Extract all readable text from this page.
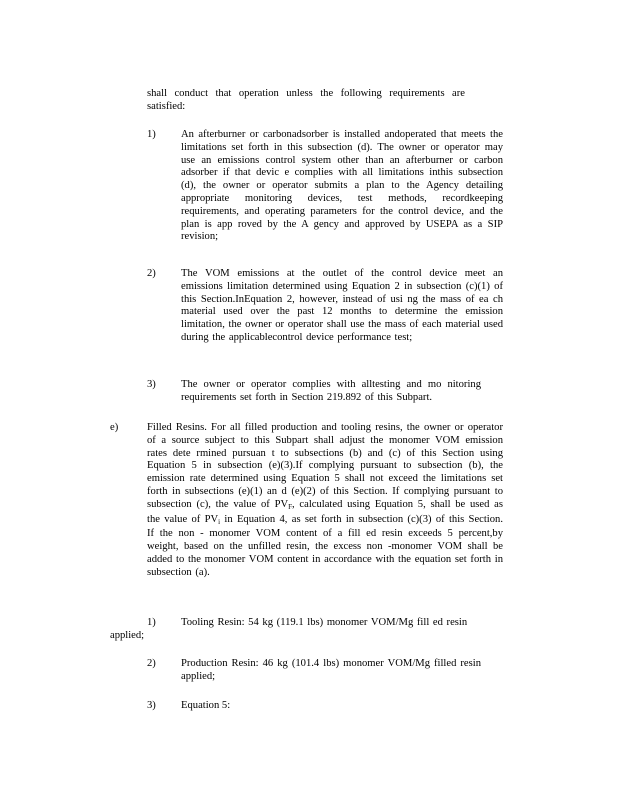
shall conduct that operation unless the following requirements are satisfied:
1) An afterburner or carbonadsorber is installed andoperated that meets the limitations set forth in this subsection (d). The owner or operator may use an emissions control system other than an afterburner or carbon adsorber if that devic e complies with all limitations inthis subsection (d), the owner or operator submits a plan to the Agency detailing appropriate monitoring devices, test methods, recordkeeping requirements, and operating parameters for the control device, and the plan is app roved by the A gency and approved by USEPA as a SIP revision;
2) The VOM emissions at the outlet of the control device meet an emissions limitation determined using Equation 2 in subsection (c)(1) of this Section.InEquation 2, however, instead of usi ng the mass of ea ch material used over the past 12 months to determine the emission limitation, the owner or operator shall use the mass of each material used during the applicablecontrol device performance test;
3) The owner or operator complies with alltesting and mo nitoring requirements set forth in Section 219.892 of this Subpart.
e)	Filled Resins. For all filled production and tooling resins, the owner or operator of a source subject to this Subpart shall adjust the monomer VOM emission rates dete rmined pursuan t to subsections (b) and (c) of this Section using Equation 5 in subsection (e)(3).If complying pursuant to subsection (b), the emission rate determined using Equation 5 shall not exceed the limitations set forth in subsections (e)(1) an d (e)(2) of this Section. If complying pursuant to subsection (c), the value of $PV_F$, calculated using Equation 5, shall be used as the value of $PV_i$ in Equation 4, as set forth in subsection (c)(3) of this Section. If the non - monomer VOM content of a fill ed resin exceeds 5 percent,by weight, based on the unfilled resin, the excess non -monomer VOM shall be added to the monomer VOM content in accordance with the equation set forth in subsection (a).
1) Tooling Resin: 54 kg (119.1 lbs) monomer VOM/Mg fill ed resin
applied;
2) Production Resin: 46 kg (101.4 lbs) monomer VOM/Mg filled resin applied;
3) Equation 5:
